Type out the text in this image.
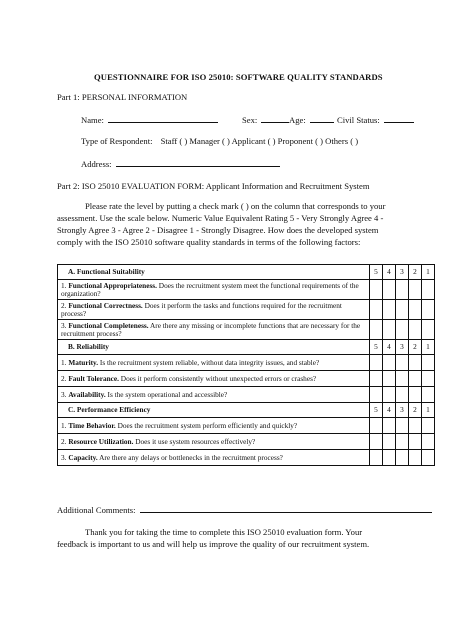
QUESTIONNAIRE FOR ISO 25010: SOFTWARE QUALITY STANDARDS
Part 1: PERSONAL INFORMATION
Name:	Sex:	Age:	Civil Status:
Type of Respondent: Staff ( ) Manager ( ) Applicant ( ) Proponent ( ) Others ( )
Address:
Part 2: ISO 25010 EVALUATION FORM: Applicant Information and Recruitment System
Please rate the level by putting a check mark ( ) on the column that corresponds to your
assessment. Use the scale below. Numeric Value Equivalent Rating 5 - Very Strongly Agree 4 -
Strongly Agree 3 - Agree 2 - Disagree 1 - Strongly Disagree. How does the developed system
comply with the ISO 25010 software quality standards in terms of the following factors:
A. Functional Suitability	5	4	3	2	1
1. Functional Appropriateness. Does the recruitment system meet the functional requirements of the organization?					
2. Functional Correctness. Does it perform the tasks and functions required for the recruitment process?					
3. Functional Completeness. Are there any missing or incomplete functions that are necessary for the recruitment process?					
B. Reliability	5	4	3	2	1
1. Maturity. Is the recruitment system reliable, without data integrity issues, and stable?					
2. Fault Tolerance. Does it perform consistently without unexpected errors or crashes?					
3. Availability. Is the system operational and accessible?					
C. Performance Efficiency	5	4	3	2	1
1. Time Behavior. Does the recruitment system perform efficiently and quickly?					
2. Resource Utilization. Does it use system resources effectively?					
3. Capacity. Are there any delays or bottlenecks in the recruitment process?					
Additional Comments:
Thank you for taking the time to complete this ISO 25010 evaluation form. Your
feedback is important to us and will help us improve the quality of our recruitment system.
